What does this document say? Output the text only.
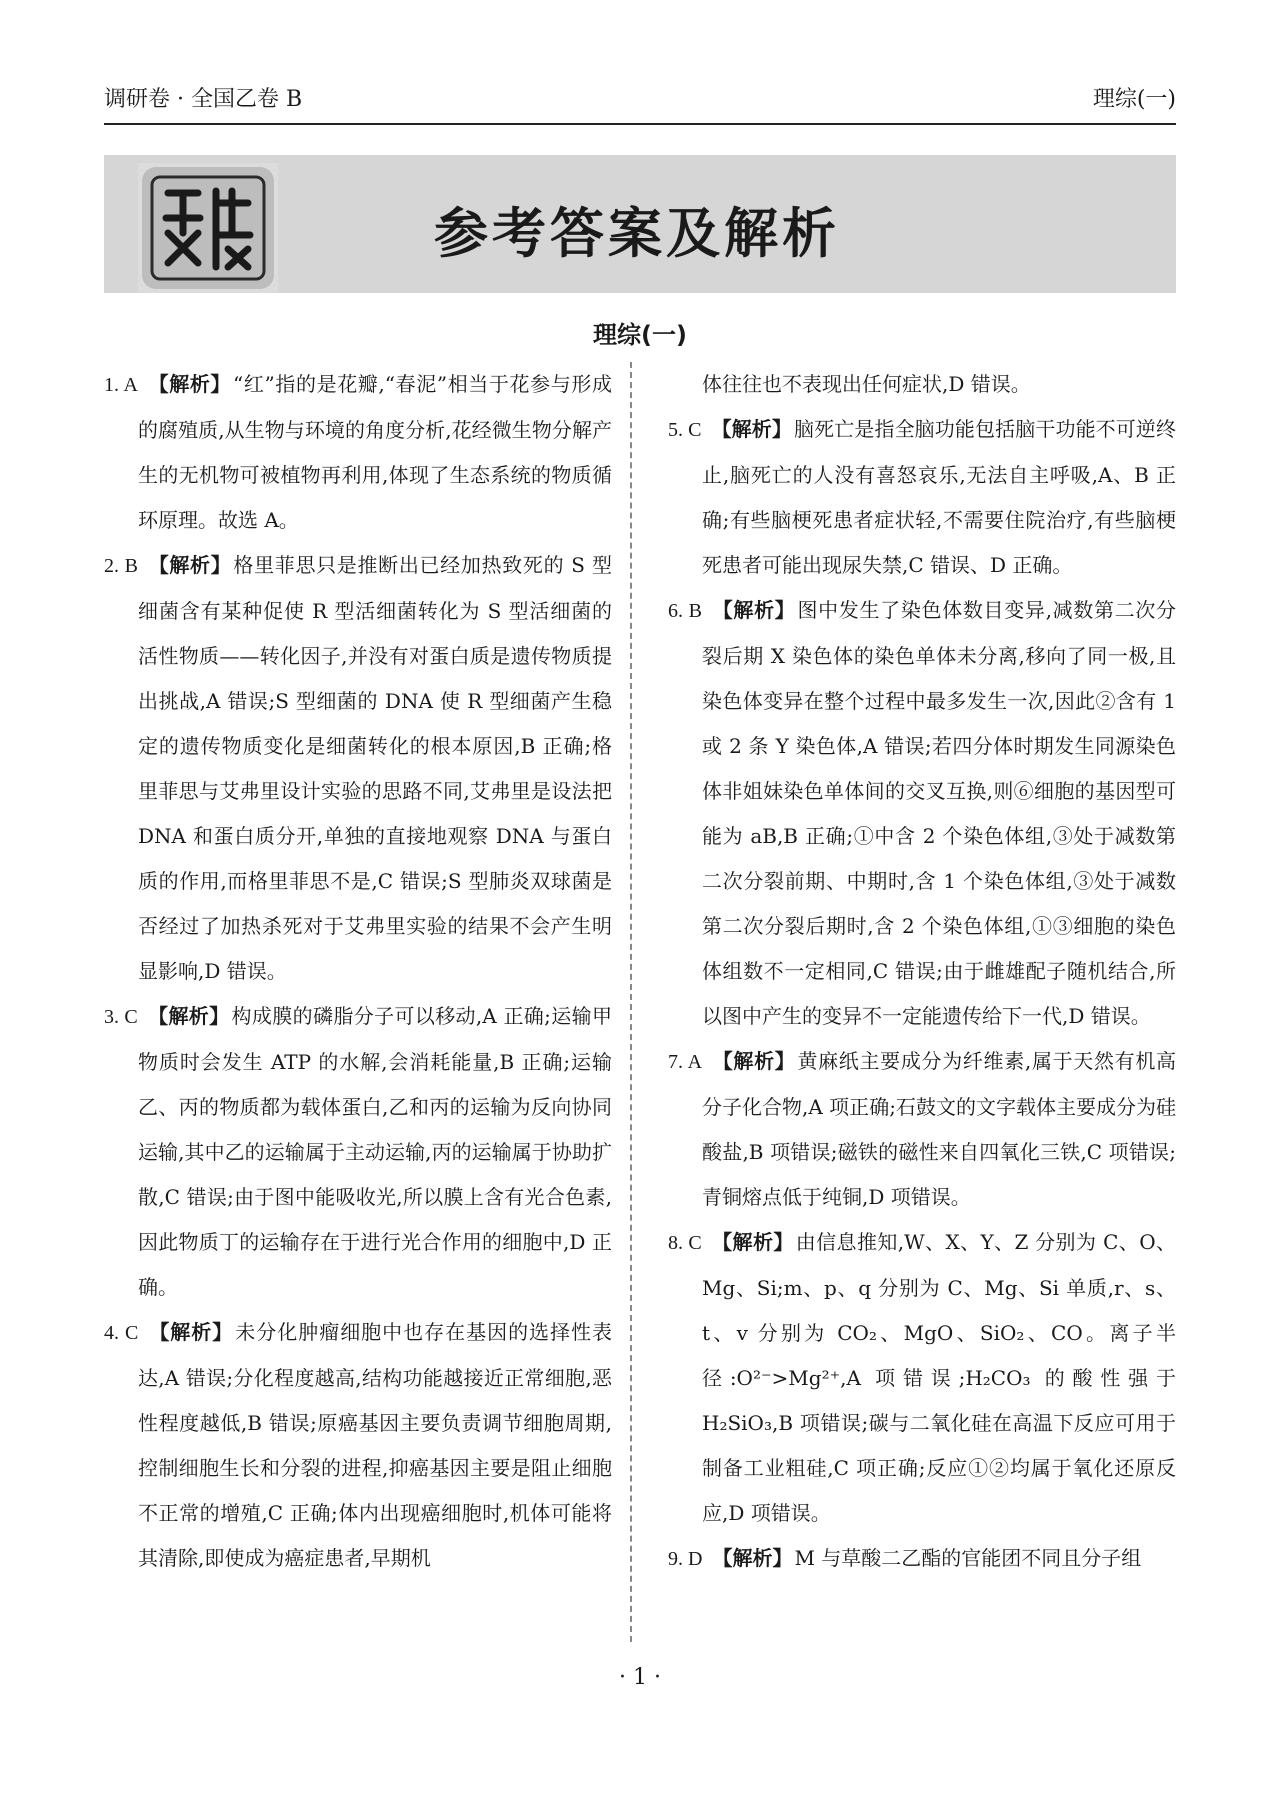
调研卷 · 全国乙卷 B	理综(一)
参考答案及解析
理综(一)

1. A 【解析】 “红”指的是花瓣,“春泥”相当于花参与形成的腐殖质,从生物与环境的角度分析,花经微生物分解产生的无机物可被植物再利用,体现了生态系统的物质循环原理。故选 A。

2. B 【解析】 格里菲思只是推断出已经加热致死的 S 型细菌含有某种促使 R 型活细菌转化为 S 型活细菌的活性物质——转化因子,并没有对蛋白质是遗传物质提出挑战,A 错误;S 型细菌的 DNA 使 R 型细菌产生稳定的遗传物质变化是细菌转化的根本原因,B 正确;格里菲思与艾弗里设计实验的思路不同,艾弗里是设法把 DNA 和蛋白质分开,单独的直接地观察 DNA 与蛋白质的作用,而格里菲思不是,C 错误;S 型肺炎双球菌是否经过了加热杀死对于艾弗里实验的结果不会产生明显影响,D 错误。

3. C 【解析】 构成膜的磷脂分子可以移动,A 正确;运输甲物质时会发生 ATP 的水解,会消耗能量,B 正确;运输乙、丙的物质都为载体蛋白,乙和丙的运输为反向协同运输,其中乙的运输属于主动运输,丙的运输属于协助扩散,C 错误;由于图中能吸收光,所以膜上含有光合色素,因此物质丁的运输存在于进行光合作用的细胞中,D 正确。

4. C 【解析】 未分化肿瘤细胞中也存在基因的选择性表达,A 错误;分化程度越高,结构功能越接近正常细胞,恶性程度越低,B 错误;原癌基因主要负责调节细胞周期,控制细胞生长和分裂的进程,抑癌基因主要是阻止细胞不正常的增殖,C 正确;体内出现癌细胞时,机体可能将其清除,即使成为癌症患者,早期机

体往往也不表现出任何症状,D 错误。

5. C 【解析】 脑死亡是指全脑功能包括脑干功能不可逆终止,脑死亡的人没有喜怒哀乐,无法自主呼吸,A、B 正确;有些脑梗死患者症状轻,不需要住院治疗,有些脑梗死患者可能出现尿失禁,C 错误、D 正确。

6. B 【解析】 图中发生了染色体数目变异,减数第二次分裂后期 X 染色体的染色单体未分离,移向了同一极,且染色体变异在整个过程中最多发生一次,因此②含有 1 或 2 条 Y 染色体,A 错误;若四分体时期发生同源染色体非姐妹染色单体间的交叉互换,则⑥细胞的基因型可能为 aB,B 正确;①中含 2 个染色体组,③处于减数第二次分裂前期、中期时,含 1 个染色体组,③处于减数第二次分裂后期时,含 2 个染色体组,①③细胞的染色体组数不一定相同,C 错误;由于雌雄配子随机结合,所以图中产生的变异不一定能遗传给下一代,D 错误。

7. A 【解析】 黄麻纸主要成分为纤维素,属于天然有机高分子化合物,A 项正确;石鼓文的文字载体主要成分为硅酸盐,B 项错误;磁铁的磁性来自四氧化三铁,C 项错误;青铜熔点低于纯铜,D 项错误。

8. C 【解析】 由信息推知,W、X、Y、Z 分别为 C、O、Mg、Si;m、p、q 分别为 C、Mg、Si 单质,r、s、t、v 分别为 CO₂、MgO、SiO₂、CO。离子半径:O²⁻>Mg²⁺,A 项错误;H₂CO₃ 的酸性强于 H₂SiO₃,B 项错误;碳与二氧化硅在高温下反应可用于制备工业粗硅,C 项正确;反应①②均属于氧化还原反应,D 项错误。

9. D 【解析】 M 与草酸二乙酯的官能团不同且分子组

· 1 ·
